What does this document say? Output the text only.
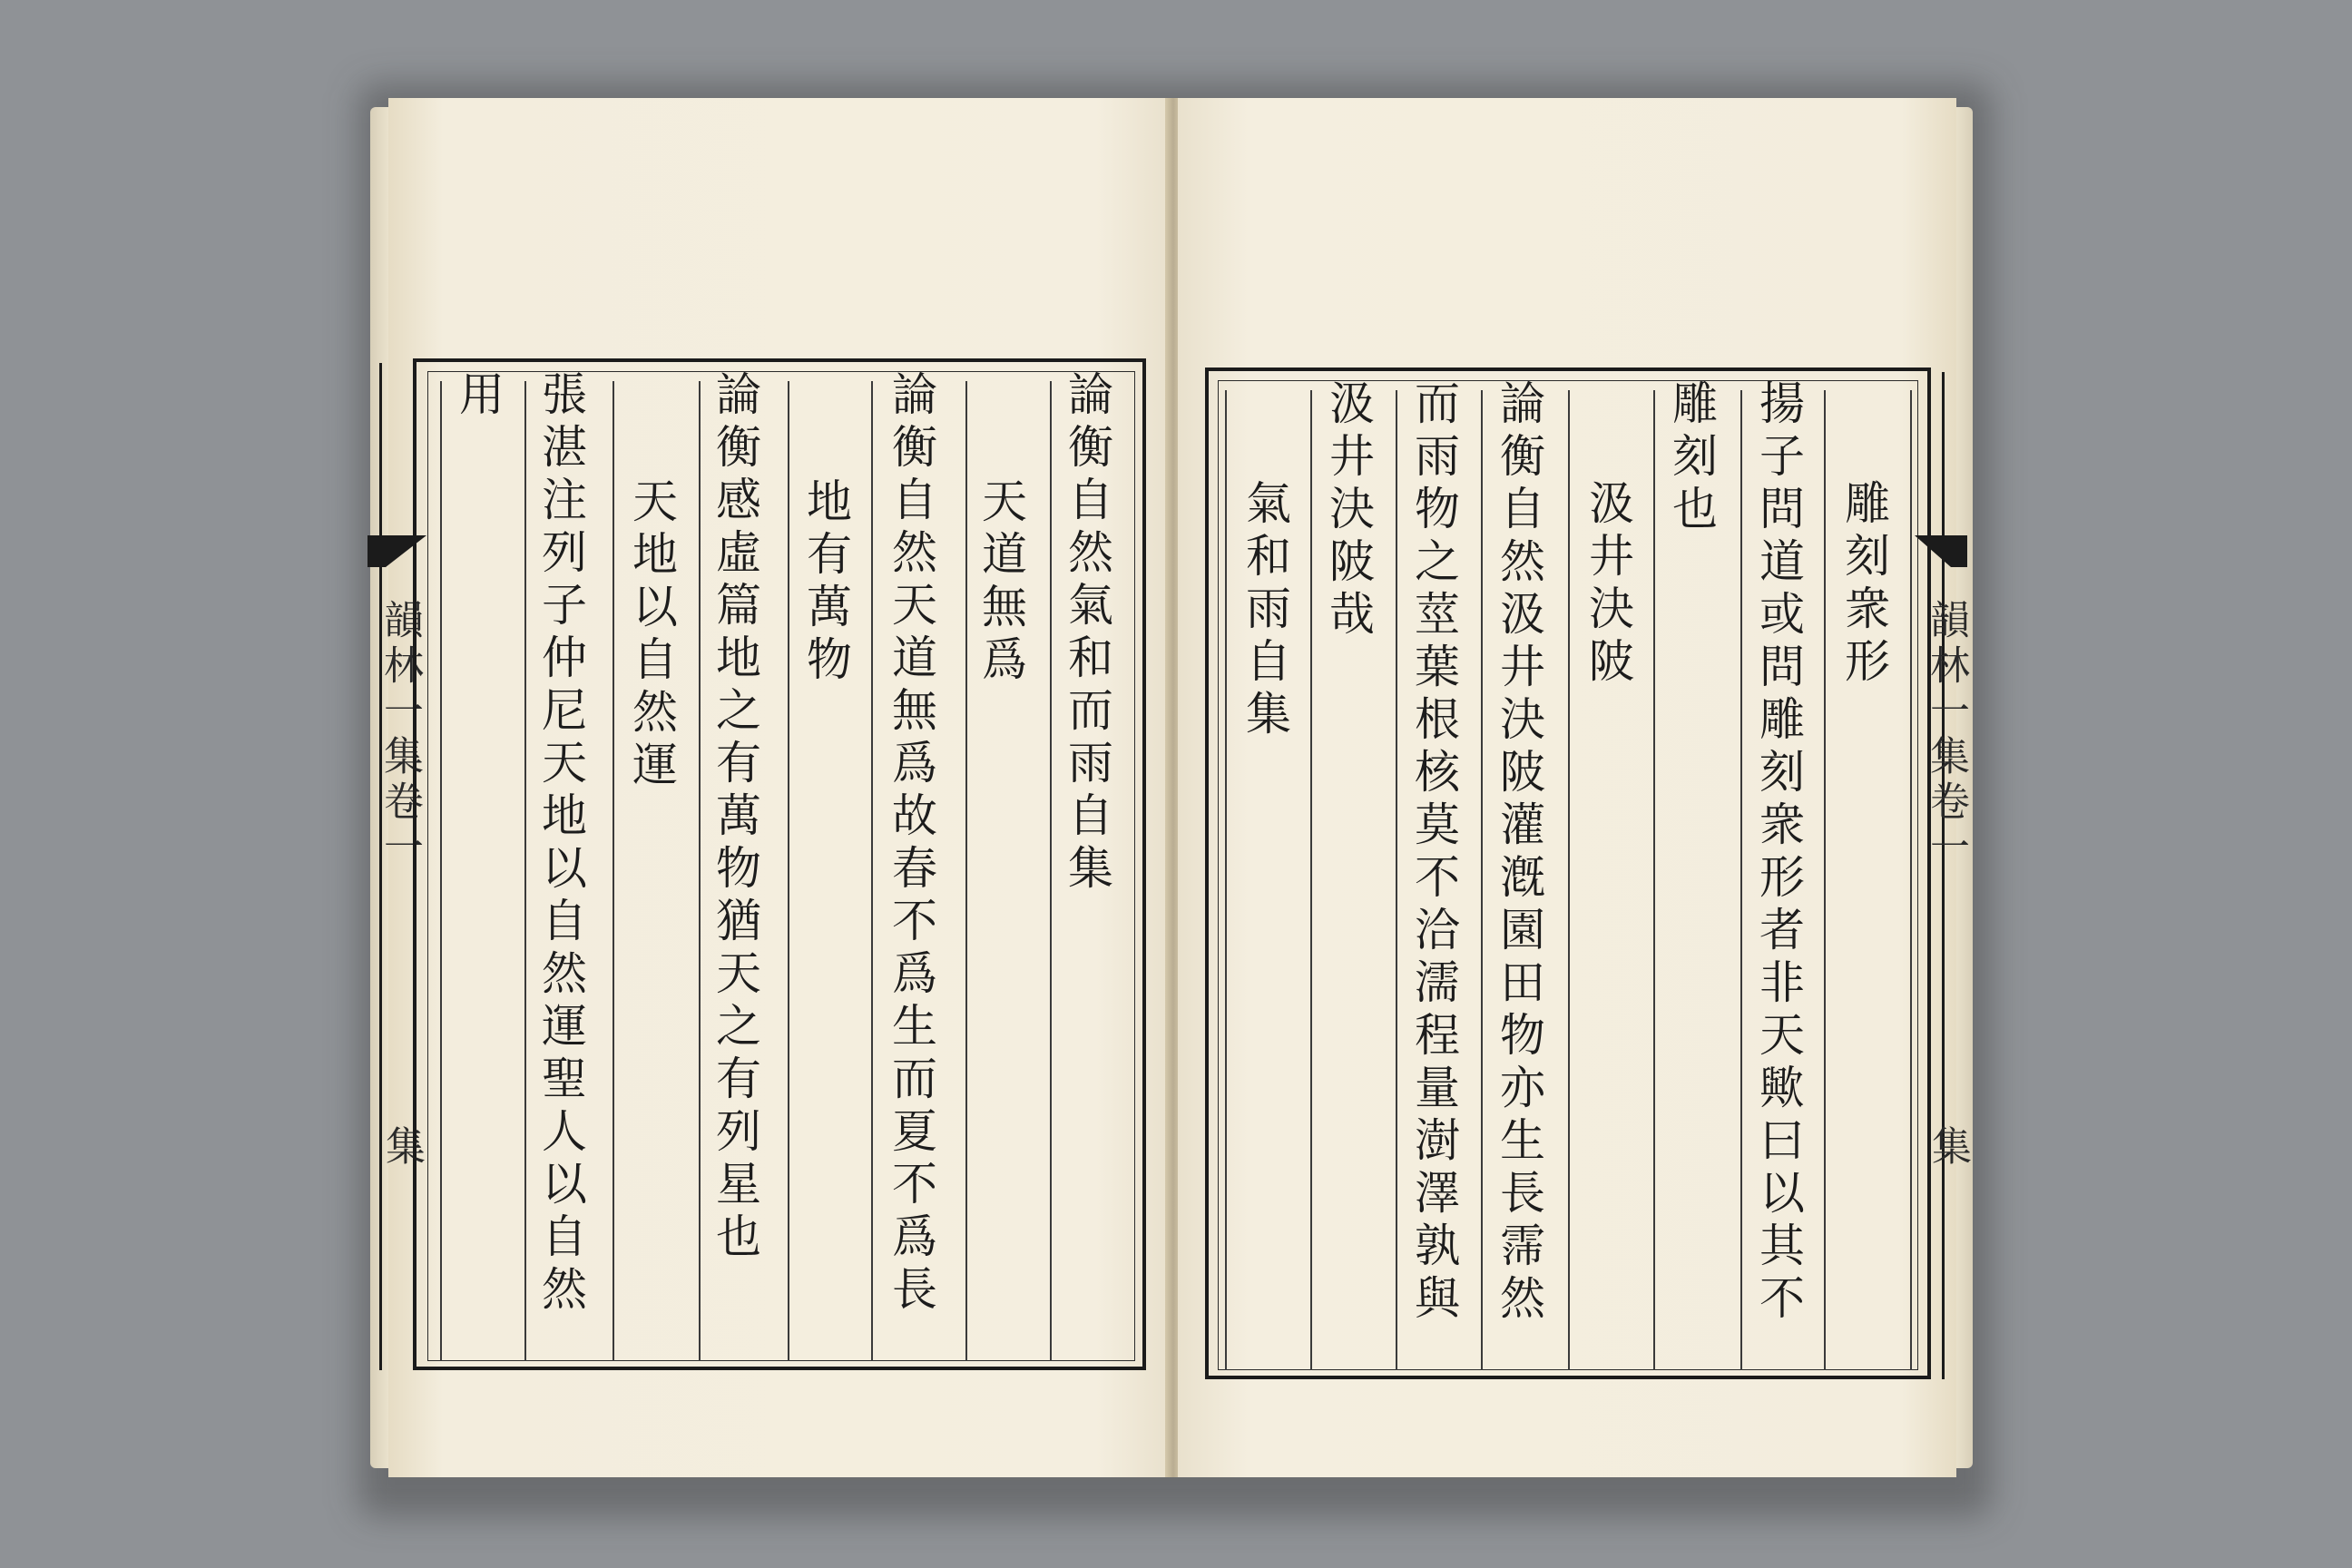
韻林一集卷一
集
論衡自然氣和而雨自集
天道無爲
論衡自然天道無爲故春不爲生而夏不爲長
地有萬物
論衡感虛篇地之有萬物猶天之有列星也
天地以自然運
張湛注列子仲尼天地以自然運聖人以自然
用
雕刻衆形
揚子問道或問雕刻衆形者非天歟曰以其不
雕刻也
汲井決陂
論衡自然汲井決陂灌漑園田物亦生長霈然
而雨物之莖葉根核莫不洽濡程量澍澤孰與
汲井決陂哉
氣和雨自集	韻林一集卷一
集
